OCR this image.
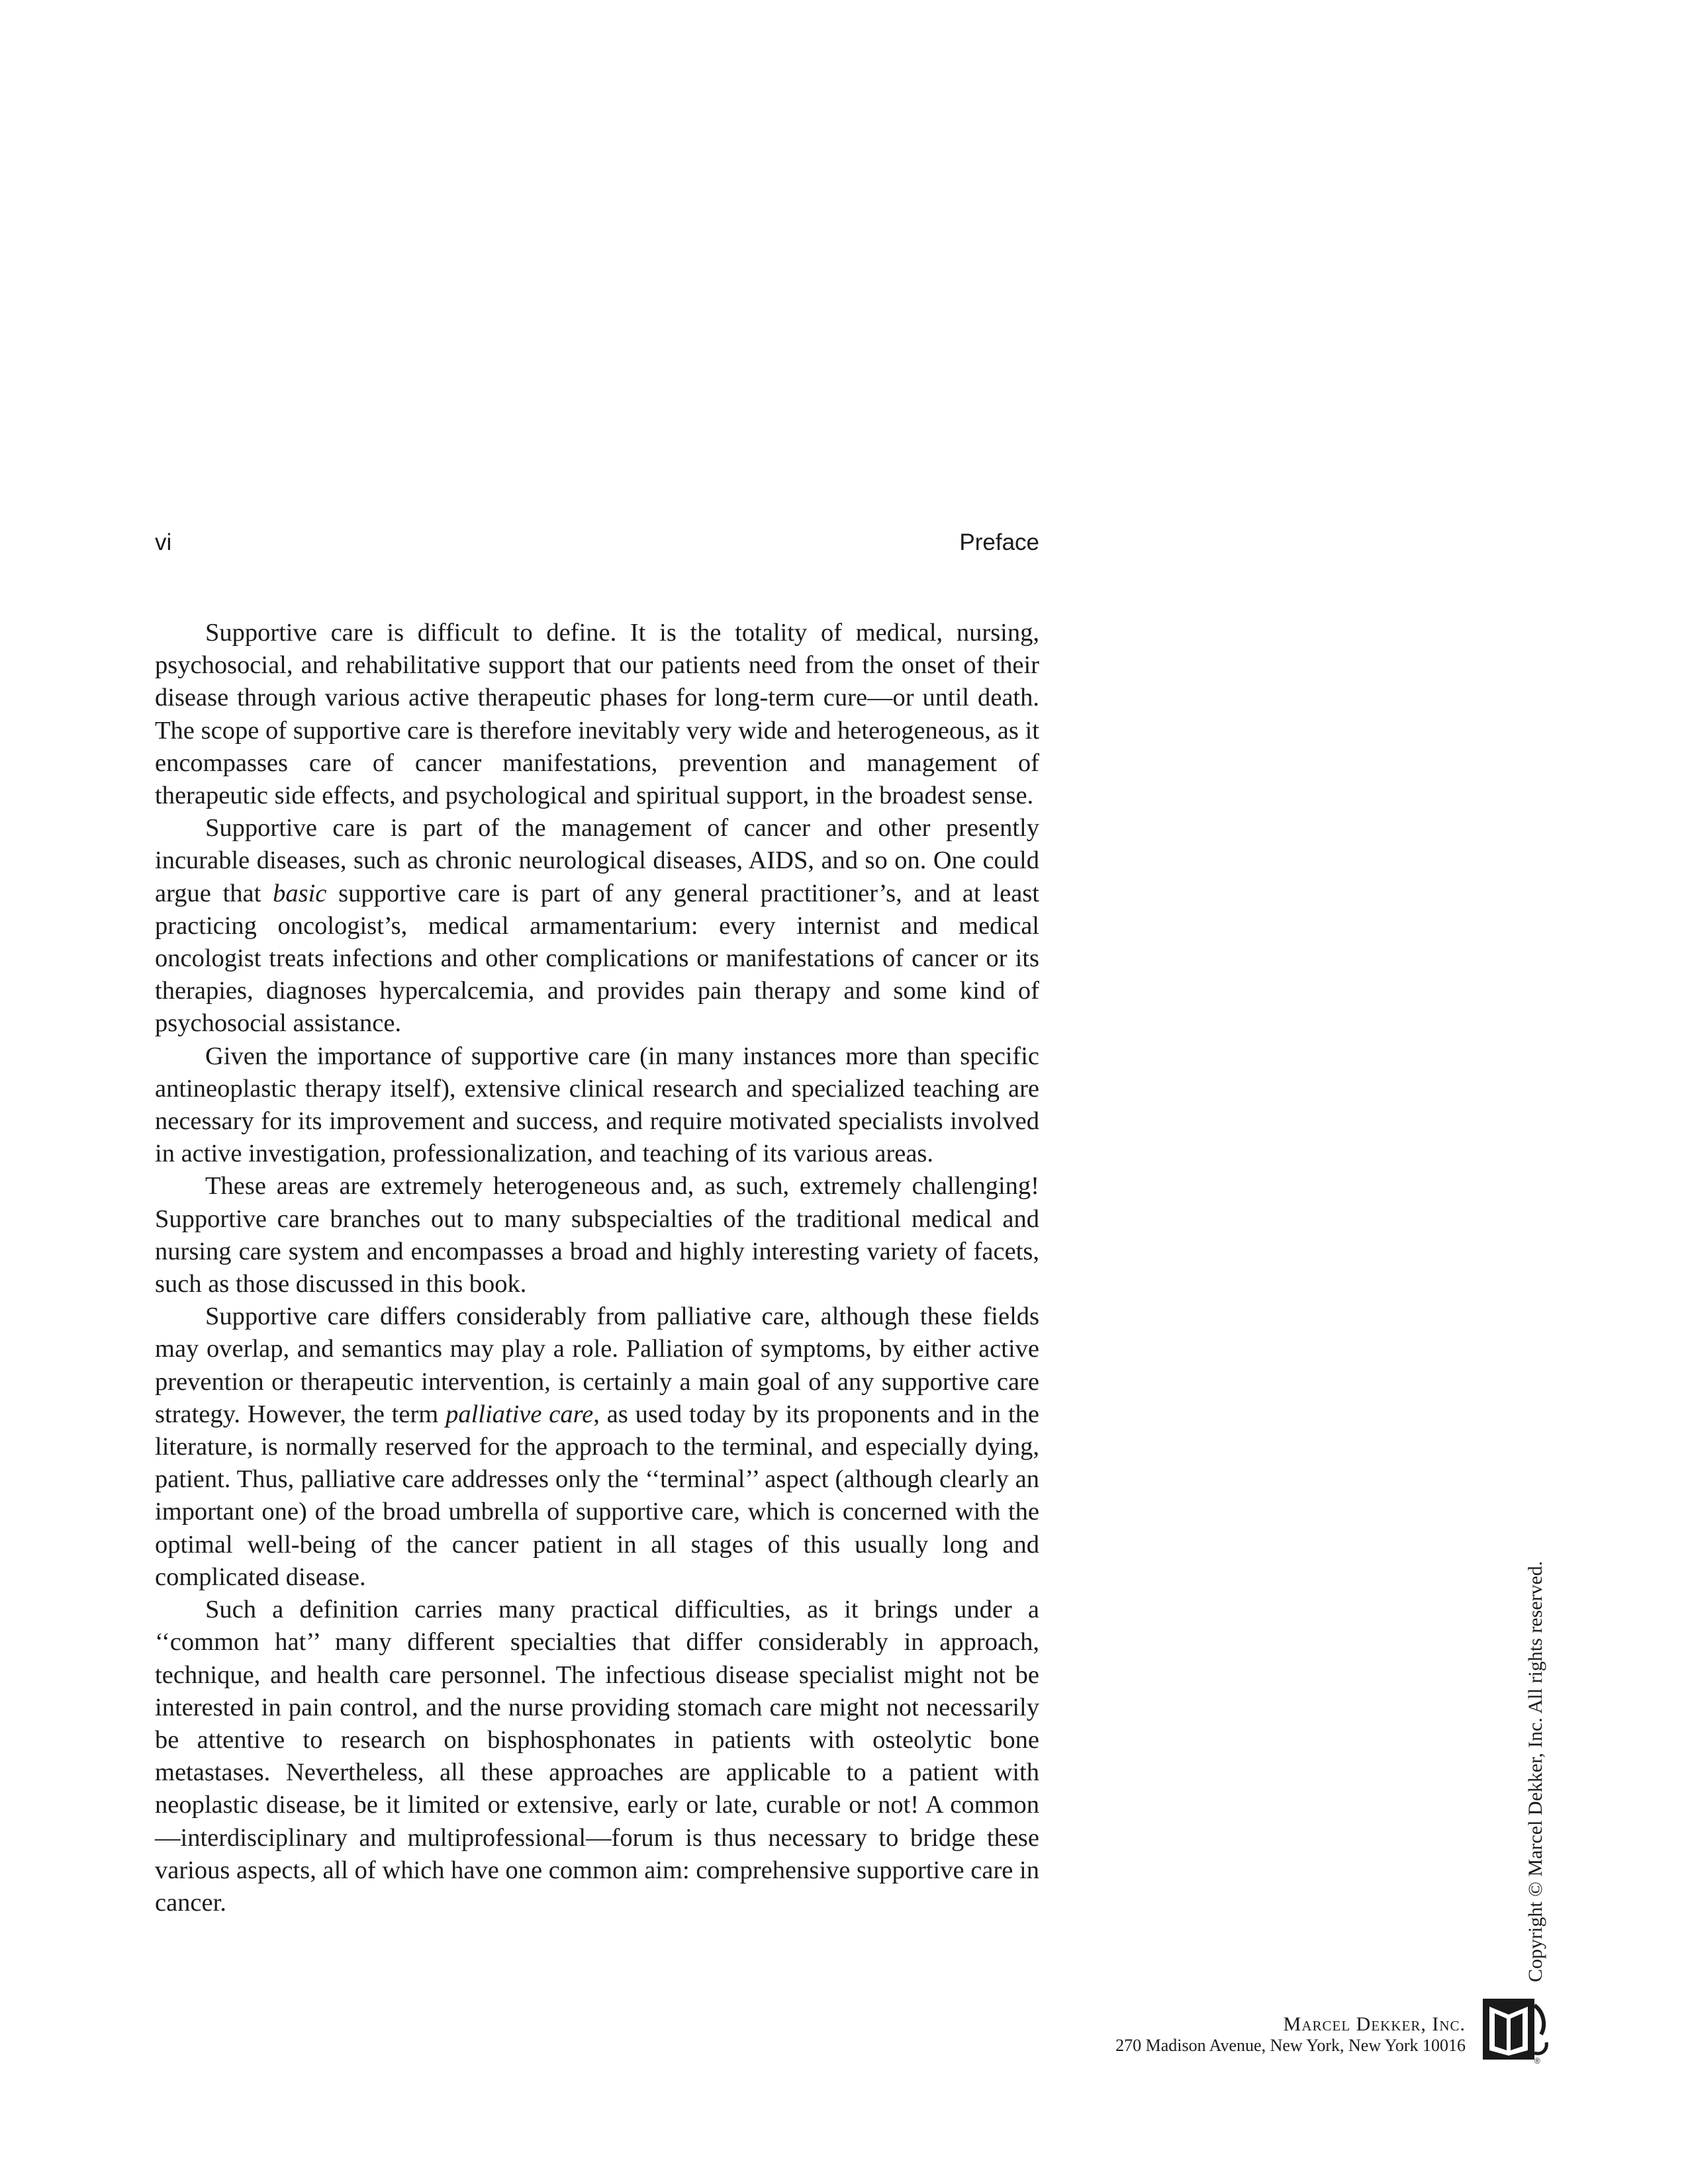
vi	Preface

Supportive care is difficult to define. It is the totality of medical, nursing, psychosocial, and rehabilitative support that our patients need from the onset of their disease through various active therapeutic phases for long-term cure—or until death. The scope of supportive care is therefore inevitably very wide and heterogeneous, as it encompasses care of cancer manifestations, prevention and management of therapeutic side effects, and psychological and spiritual support, in the broadest sense.

Supportive care is part of the management of cancer and other presently incurable diseases, such as chronic neurological diseases, AIDS, and so on. One could argue that basic supportive care is part of any general practitioner’s, and at least practicing oncologist’s, medical armamentarium: every internist and medical oncologist treats infections and other complications or manifestations of cancer or its therapies, diagnoses hypercalcemia, and provides pain therapy and some kind of psychosocial assistance.

Given the importance of supportive care (in many instances more than specific antineoplastic therapy itself), extensive clinical research and specialized teaching are necessary for its improvement and success, and require motivated specialists involved in active investigation, professionalization, and teaching of its various areas.

These areas are extremely heterogeneous and, as such, extremely challenging! Supportive care branches out to many subspecialties of the traditional medical and nursing care system and encompasses a broad and highly interesting variety of facets, such as those discussed in this book.

Supportive care differs considerably from palliative care, although these fields may overlap, and semantics may play a role. Palliation of symptoms, by either active prevention or therapeutic intervention, is certainly a main goal of any supportive care strategy. However, the term palliative care, as used today by its proponents and in the literature, is normally reserved for the approach to the terminal, and especially dying, patient. Thus, palliative care addresses only the ‘‘terminal’’ aspect (although clearly an important one) of the broad umbrella of supportive care, which is concerned with the optimal well-being of the cancer patient in all stages of this usually long and complicated disease.

Such a definition carries many practical difficulties, as it brings under a ‘‘common hat’’ many different specialties that differ considerably in approach, technique, and health care personnel. The infectious disease specialist might not be interested in pain control, and the nurse providing stomach care might not necessarily be attentive to research on bisphosphonates in patients with osteolytic bone metastases. Nevertheless, all these approaches are applicable to a patient with neoplastic disease, be it limited or extensive, early or late, curable or not! A common—interdisciplinary and multiprofessional—forum is thus necessary to bridge these various aspects, all of which have one common aim: comprehensive supportive care in cancer.	Copyright © Marcel Dekker, Inc. All rights reserved.
Marcel Dekker, Inc.
270 Madison Avenue, New York, New York 10016
®
